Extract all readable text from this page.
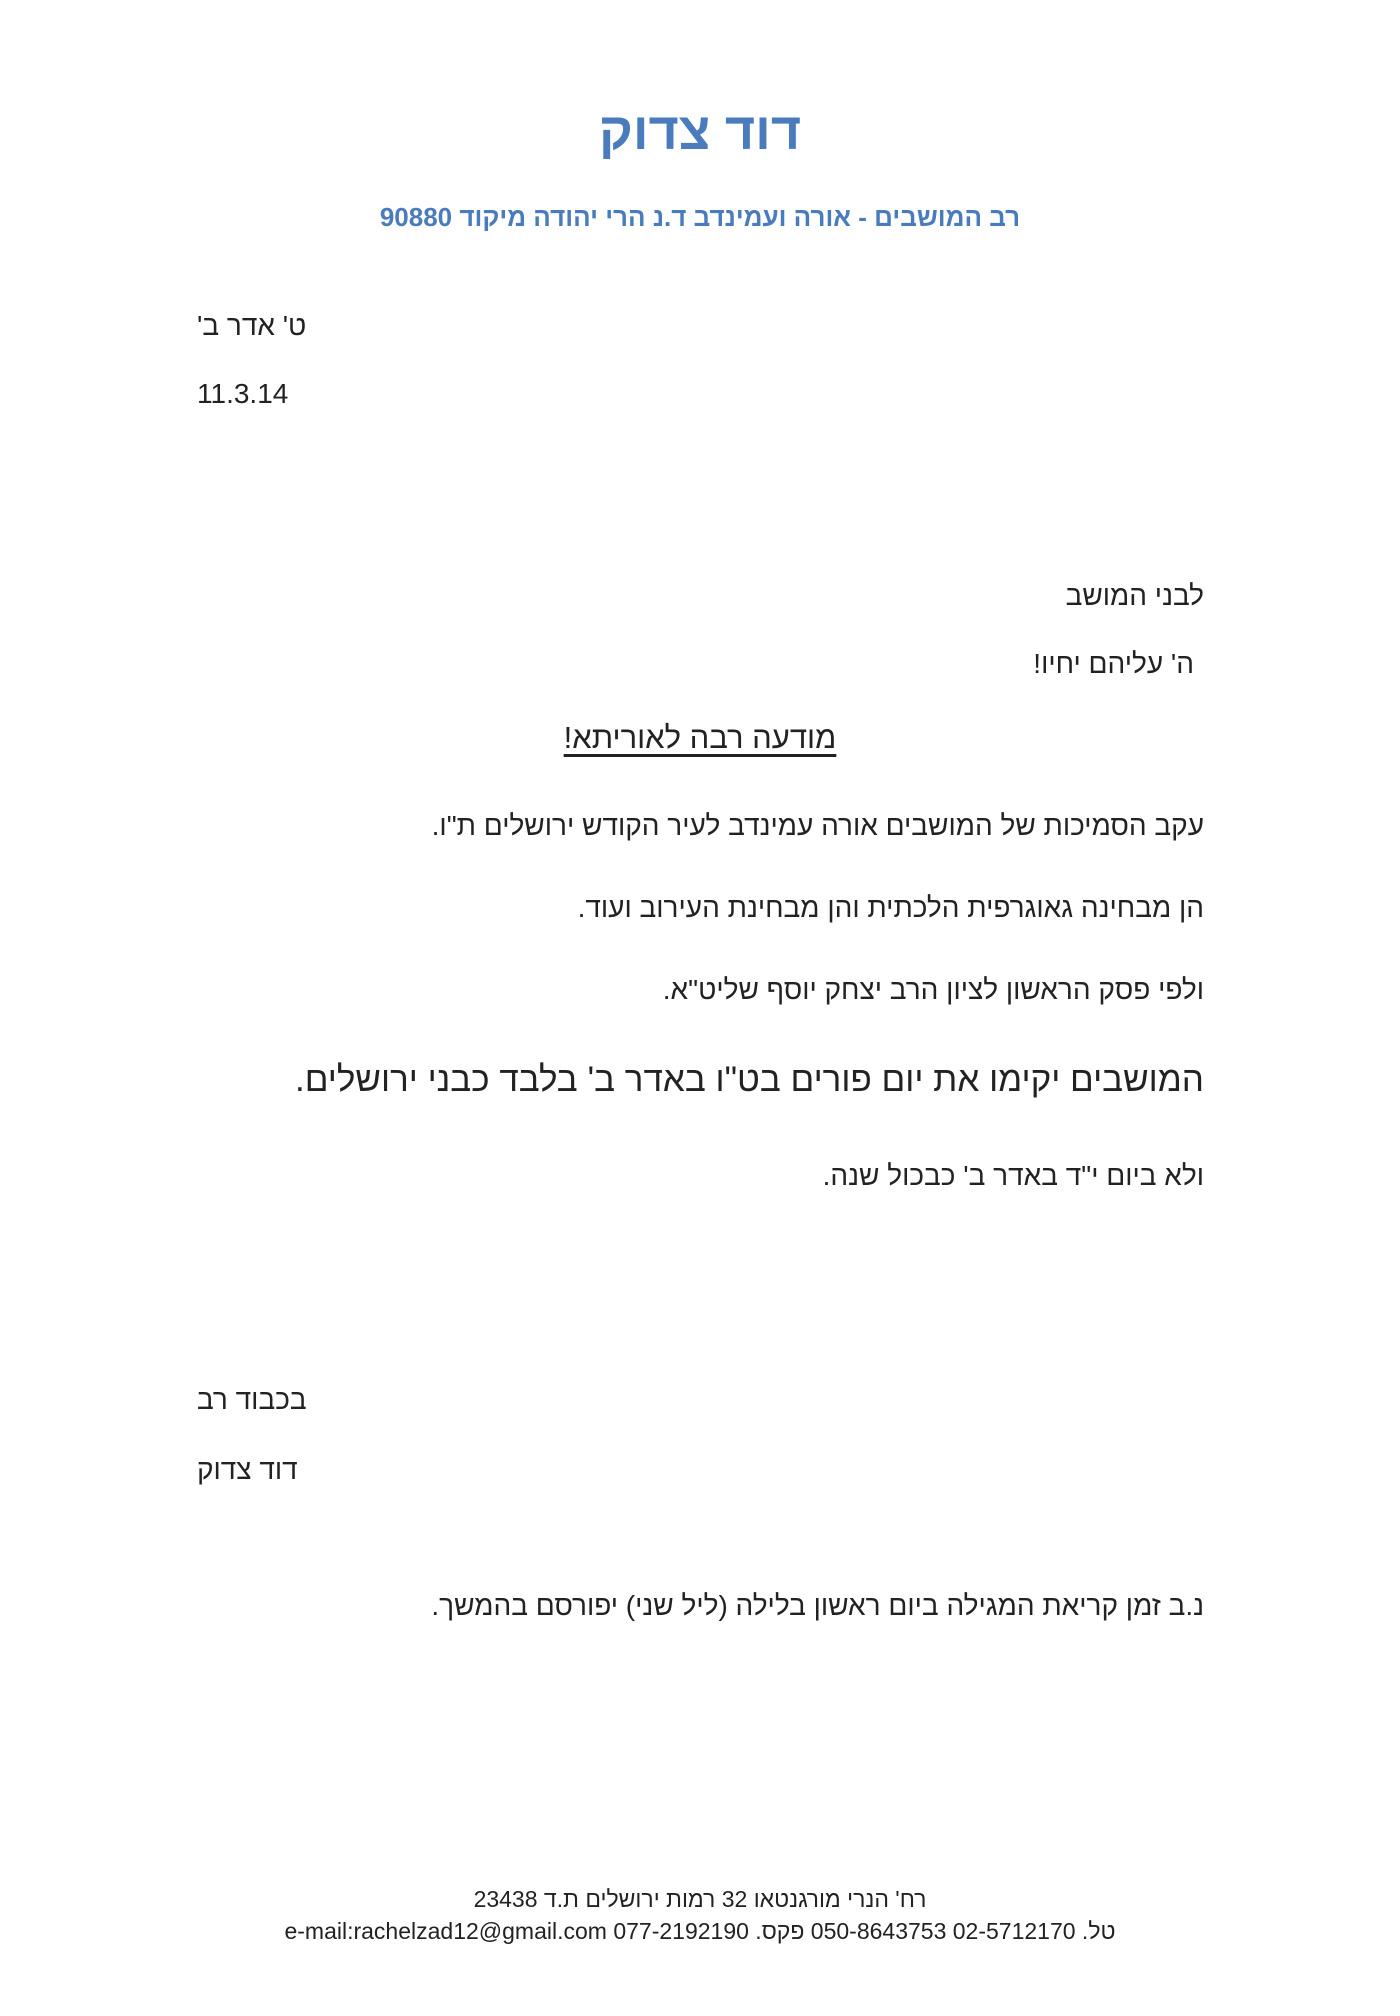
דוד צדוק
רב המושבים - אורה ועמינדב ד.נ הרי יהודה מיקוד 90880
ט' אדר ב'
11.3.14
לבני המושב
ה' עליהם יחיו!
מודעה רבה לאוריתא!
עקב הסמיכות של המושבים אורה עמינדב לעיר הקודש ירושלים ת"ו.
הן מבחינה גאוגרפית הלכתית והן מבחינת העירוב ועוד.
ולפי פסק הראשון לציון הרב יצחק יוסף שליט"א.
המושבים יקימו את יום פורים בט"ו באדר ב' בלבד כבני ירושלים.
ולא ביום י"ד באדר ב' כבכול שנה.
בכבוד רב
דוד צדוק
נ.ב זמן קריאת המגילה ביום ראשון בלילה (ליל שני) יפורסם בהמשך.
רח' הנרי מורגנטאו 32 רמות ירושלים ת.ד 23438
טל. 02-5712170 050-8643753 פקס. 077-2192190 e-mail:rachelzad12@gmail.com
